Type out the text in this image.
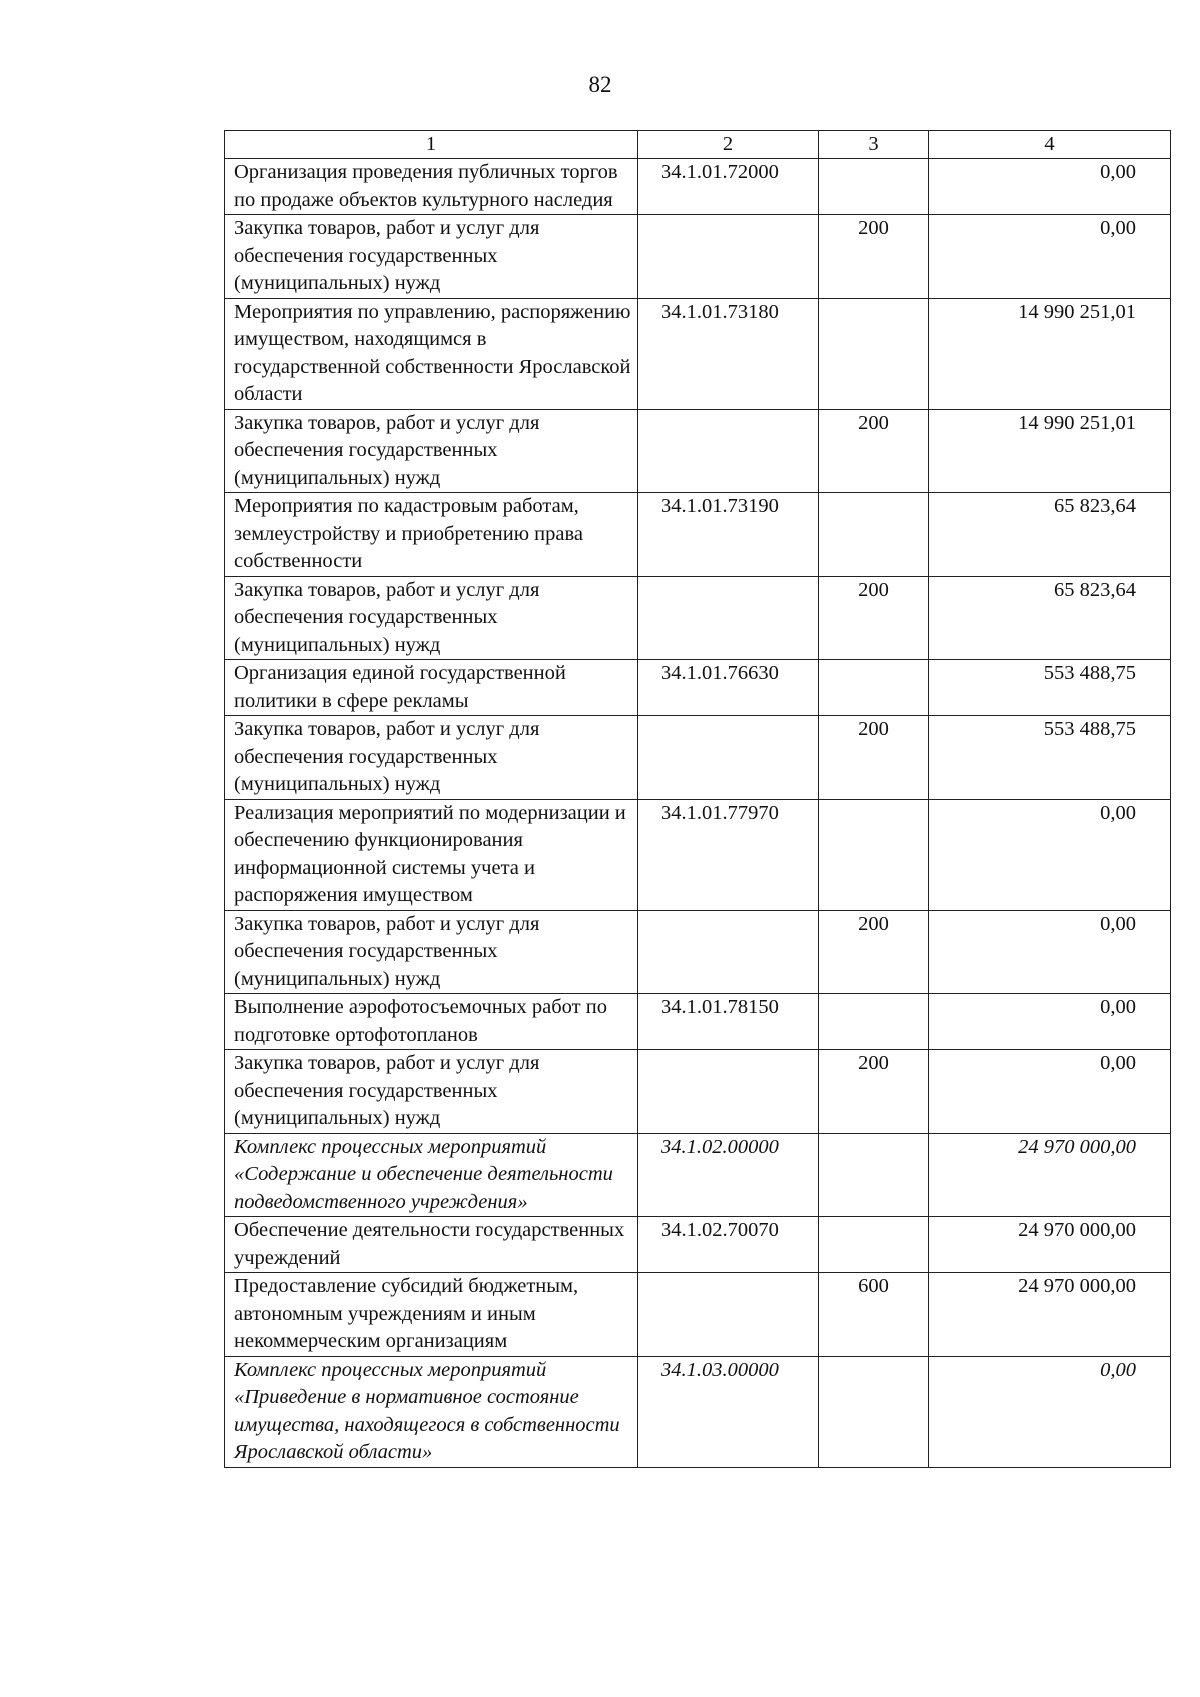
82
1	2	3	4
Организация проведения публичных торгов по продаже объектов культурного наследия	34.1.01.72000		0,00
Закупка товаров, работ и услуг для обеспечения государственных (муниципальных) нужд		200	0,00
Мероприятия по управлению, распоряжению имуществом, находящимся в государственной собственности Ярославской области	34.1.01.73180		14 990 251,01
Закупка товаров, работ и услуг для обеспечения государственных (муниципальных) нужд		200	14 990 251,01
Мероприятия по кадастровым работам, землеустройству и приобретению права собственности	34.1.01.73190		65 823,64
Закупка товаров, работ и услуг для обеспечения государственных (муниципальных) нужд		200	65 823,64
Организация единой государственной политики в сфере рекламы	34.1.01.76630		553 488,75
Закупка товаров, работ и услуг для обеспечения государственных (муниципальных) нужд		200	553 488,75
Реализация мероприятий по модернизации и обеспечению функционирования информационной системы учета и распоряжения имуществом	34.1.01.77970		0,00
Закупка товаров, работ и услуг для обеспечения государственных (муниципальных) нужд		200	0,00
Выполнение аэрофотосъемочных работ по подготовке ортофотопланов	34.1.01.78150		0,00
Закупка товаров, работ и услуг для обеспечения государственных (муниципальных) нужд		200	0,00
Комплекс процессных мероприятий «Содержание и обеспечение деятельности подведомственного учреждения»	34.1.02.00000		24 970 000,00
Обеспечение деятельности государственных учреждений	34.1.02.70070		24 970 000,00
Предоставление субсидий бюджетным, автономным учреждениям и иным некоммерческим организациям		600	24 970 000,00
Комплекс процессных мероприятий «Приведение в нормативное состояние имущества, находящегося в собственности Ярославской области»	34.1.03.00000		0,00
